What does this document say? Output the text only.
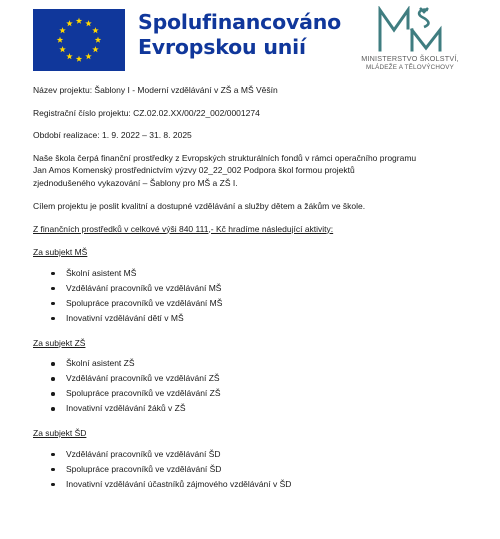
Spolufinancováno
Evropskou unií	MINISTERSTVO ŠKOLSTVÍ,
MLÁDEŽE A TĚLOVÝCHOVY

Název projektu: Šablony I - Moderní vzdělávání v ZŠ a MŠ Věšín

Registrační číslo projektu: CZ.02.02.XX/00/22_002/0001274

Období realizace: 1. 9. 2022 – 31. 8. 2025

Naše škola čerpá finanční prostředky z Evropských strukturálních fondů v rámci operačního programu

Jan Amos Komenský prostřednictvím výzvy 02_22_002 Podpora škol formou projektů

zjednodušeného vykazování – Šablony pro MŠ a ZŠ I.

Cílem projektu je poslit kvalitní a dostupné vzdělávání a služby dětem a žákům ve škole.

Z finančních prostředků v celkové výši 840 111,- Kč hradíme následující aktivity:

Za subjekt MŠ

Školní asistent MŠ
Vzdělávání pracovníků ve vzdělávání MŠ
Spolupráce pracovníků ve vzdělávání MŠ
Inovativní vzdělávání dětí v MŠ

Za subjekt ZŠ

Školní asistent ZŠ
Vzdělávání pracovníků ve vzdělávání ZŠ
Spolupráce pracovníků ve vzdělávání ZŠ
Inovativní vzdělávání žáků v ZŠ

Za subjekt ŠD

Vzdělávání pracovníků ve vzdělávání ŠD
Spolupráce pracovníků ve vzdělávání ŠD
Inovativní vzdělávání účastníků zájmového vzdělávání v ŠD
